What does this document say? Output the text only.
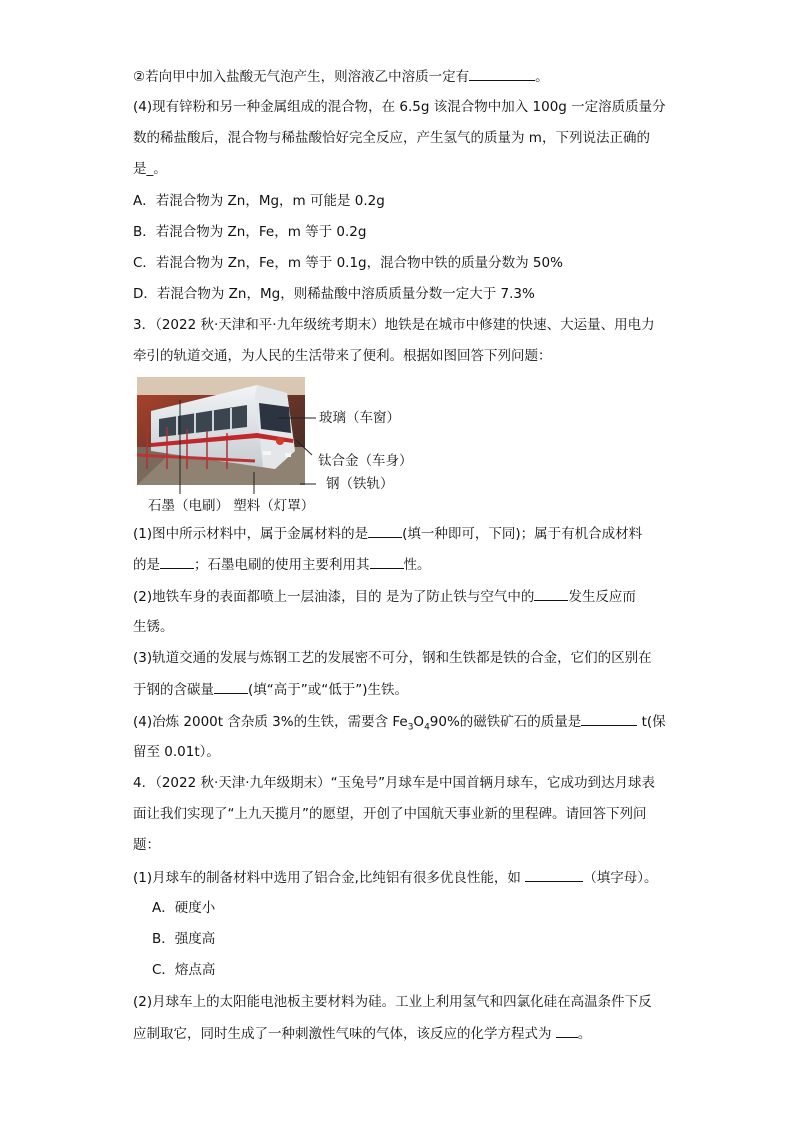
②若向甲中加入盐酸无气泡产生，则溶液乙中溶质一定有	。
(4)现有锌粉和另一种金属组成的混合物，在 6.5g 该混合物中加入 100g 一定溶质质量分
数的稀盐酸后，混合物与稀盐酸恰好完全反应，产生氢气的质量为 m，下列说法正确的
是_。
A．若混合物为 Zn，Mg，m 可能是 0.2g
B．若混合物为 Zn，Fe，m 等于 0.2g
C．若混合物为 Zn，Fe，m 等于 0.1g，混合物中铁的质量分数为 50%
D．若混合物为 Zn，Mg，则稀盐酸中溶质质量分数一定大于 7.3%
3．（2022 秋·天津和平·九年级统考期末）地铁是在城市中修建的快速、大运量、用电力
牵引的轨道交通，为人民的生活带来了便利。根据如图回答下列问题：
玻璃（车窗）
钛合金（车身）
钢（铁轨）
石墨（电刷） 塑料（灯罩）
(1)图中所示材料中，属于金属材料的是	(填一种即可，下同)；属于有机合成材料
的是	；石墨电刷的使用主要利用其	性。
(2)地铁车身的表面都喷上一层油漆，目的 是为了防止铁与空气中的	发生反应而
生锈。
(3)轨道交通的发展与炼钢工艺的发展密不可分，钢和生铁都是铁的合金，它们的区别在
于钢的含碳量	(填“高于”或“低于”)生铁。
(4)冶炼 2000t 含杂质 3%的生铁，需要含 $Fe_3O_490\%$的磁铁矿石的质量是	t(保
留至 0.01t）。
4．（2022 秋·天津·九年级期末）“玉兔号”月球车是中国首辆月球车，它成功到达月球表
面让我们实现了“上九天揽月”的愿望，开创了中国航天事业新的里程碑。请回答下列问
题：
(1)月球车的制备材料中选用了铝合金,比纯铝有很多优良性能，如	（填字母）。
A．硬度小
B．强度高
C．熔点高
(2)月球车上的太阳能电池板主要材料为硅。工业上利用氢气和四氯化硅在高温条件下反
应制取它，同时生成了一种刺激性气味的气体，该反应的化学方程式为 。
